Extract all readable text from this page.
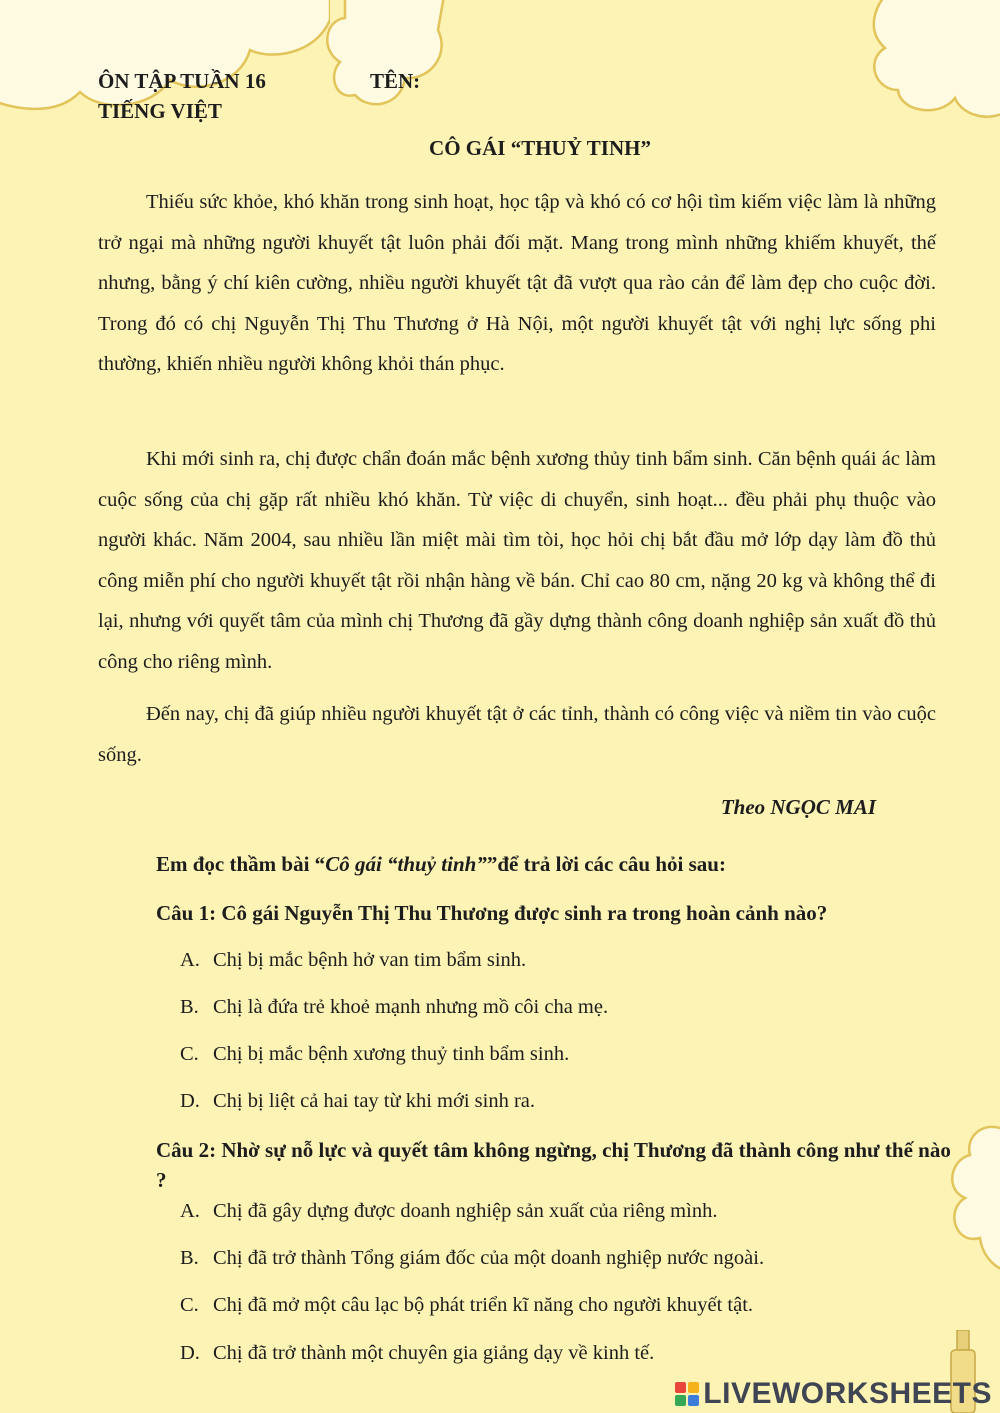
ÔN TẬP TUẦN 16
TIẾNG VIỆT
TÊN:
CÔ GÁI “THUỶ TINH”

Thiếu sức khỏe, khó khăn trong sinh hoạt, học tập và khó có cơ hội tìm kiếm việc làm là những trở ngại mà những người khuyết tật luôn phải đối mặt. Mang trong mình những khiếm khuyết, thế nhưng, bằng ý chí kiên cường, nhiều người khuyết tật đã vượt qua rào cản để làm đẹp cho cuộc đời. Trong đó có chị Nguyễn Thị Thu Thương ở Hà Nội, một người khuyết tật với nghị lực sống phi thường, khiến nhiều người không khỏi thán phục.

Khi mới sinh ra, chị được chẩn đoán mắc bệnh xương thủy tinh bẩm sinh. Căn bệnh quái ác làm cuộc sống của chị gặp rất nhiều khó khăn. Từ việc di chuyển, sinh hoạt... đều phải phụ thuộc vào người khác. Năm 2004, sau nhiều lần miệt mài tìm tòi, học hỏi chị bắt đầu mở lớp dạy làm đồ thủ công miễn phí cho người khuyết tật rồi nhận hàng về bán. Chỉ cao 80 cm, nặng 20 kg và không thể đi lại, nhưng với quyết tâm của mình chị Thương đã gầy dựng thành công doanh nghiệp sản xuất đồ thủ công cho riêng mình.

Đến nay, chị đã giúp nhiều người khuyết tật ở các tỉnh, thành có công việc và niềm tin vào cuộc sống.

Theo NGỌC MAI
Em đọc thầm bài “Cô gái “thuỷ tinh””để trả lời các câu hỏi sau:

Câu 1: Cô gái Nguyễn Thị Thu Thương được sinh ra trong hoàn cảnh nào?

A. Chị bị mắc bệnh hở van tim bẩm sinh.
B. Chị là đứa trẻ khoẻ mạnh nhưng mồ côi cha mẹ.
C. Chị bị mắc bệnh xương thuỷ tinh bẩm sinh.
D. Chị bị liệt cả hai tay từ khi mới sinh ra.

Câu 2: Nhờ sự nỗ lực và quyết tâm không ngừng, chị Thương đã thành công như thế nào ?

A. Chị đã gây dựng được doanh nghiệp sản xuất của riêng mình.
B. Chị đã trở thành Tổng giám đốc của một doanh nghiệp nước ngoài.
C. Chị đã mở một câu lạc bộ phát triển kĩ năng cho người khuyết tật.
D. Chị đã trở thành một chuyên gia giảng dạy về kinh tế.
LIVEWORKSHEETS
